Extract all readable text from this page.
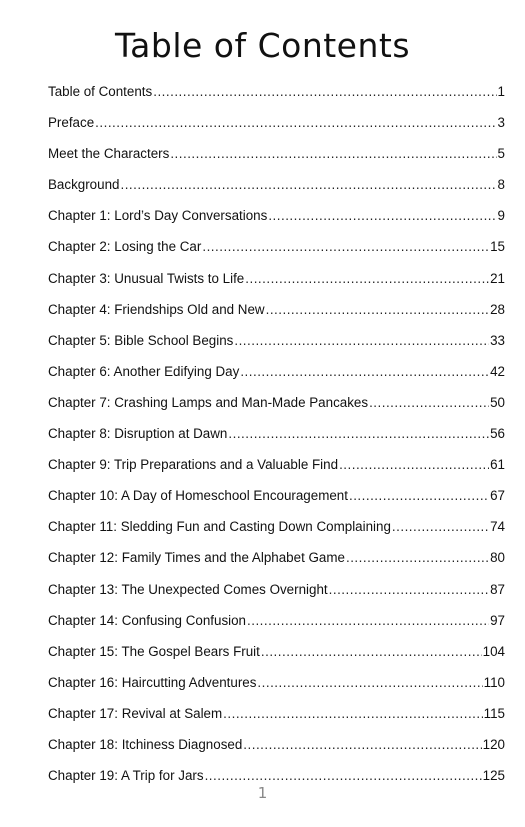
Table of Contents
Table of Contents .....	1
Preface .....	3
Meet the Characters .....	5
Background .....	8
Chapter 1: Lord’s Day Conversations .....	9
Chapter 2: Losing the Car .....	15
Chapter 3: Unusual Twists to Life .....	21
Chapter 4: Friendships Old and New .....	28
Chapter 5: Bible School Begins .....	33
Chapter 6: Another Edifying Day .....	42
Chapter 7: Crashing Lamps and Man-Made Pancakes .....	50
Chapter 8: Disruption at Dawn .....	56
Chapter 9: Trip Preparations and a Valuable Find .....	61
Chapter 10: A Day of Homeschool Encouragement .....	67
Chapter 11: Sledding Fun and Casting Down Complaining .....	74
Chapter 12: Family Times and the Alphabet Game .....	80
Chapter 13: The Unexpected Comes Overnight .....	87
Chapter 14: Confusing Confusion .....	97
Chapter 15: The Gospel Bears Fruit .....	104
Chapter 16: Haircutting Adventures .....	110
Chapter 17: Revival at Salem .....	115
Chapter 18: Itchiness Diagnosed .....	120
Chapter 19: A Trip for Jars .....	125
1
